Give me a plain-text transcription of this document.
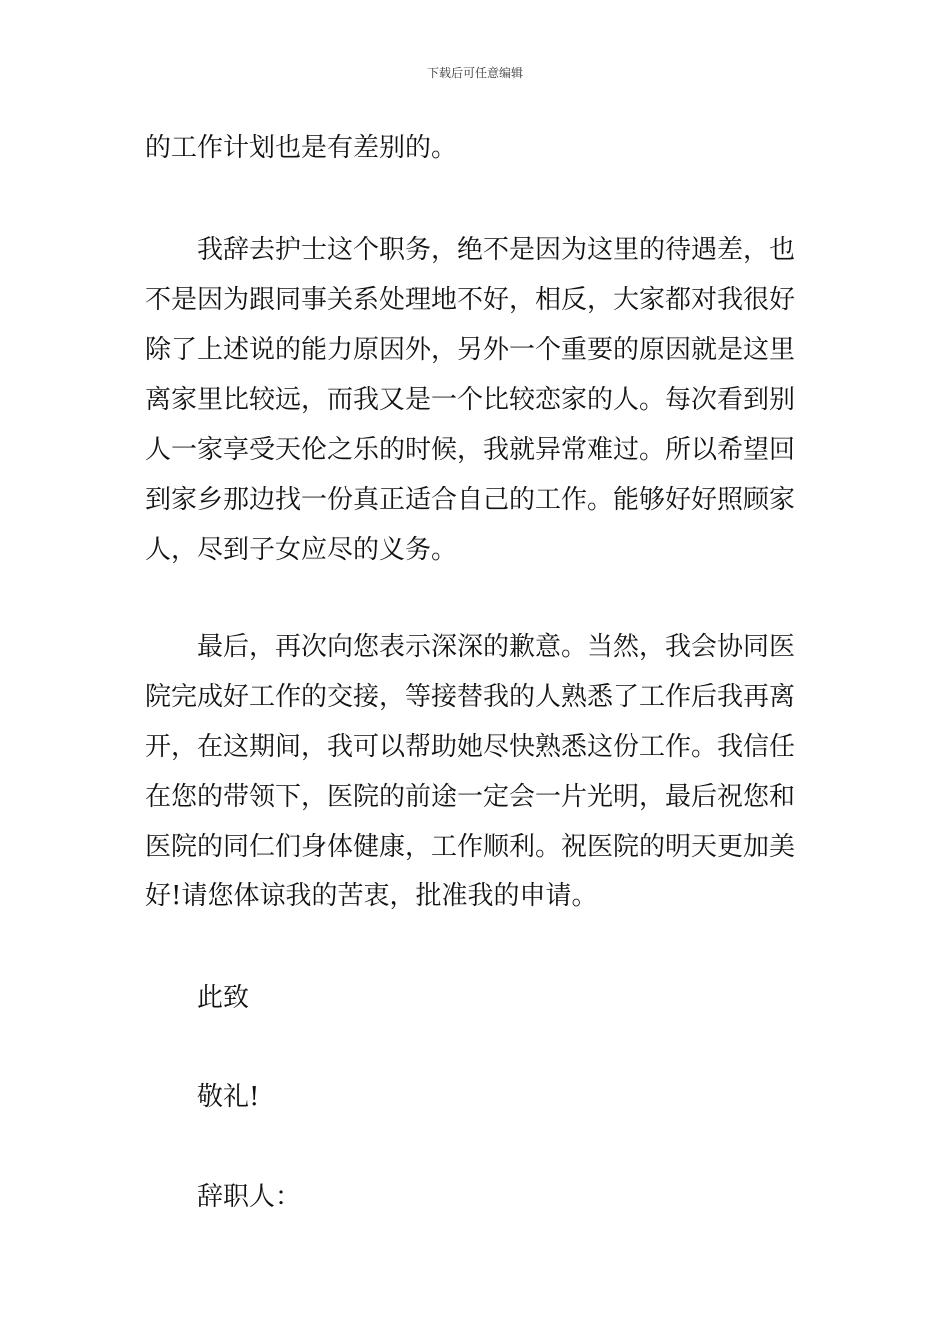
下载后可任意编辑
的工作计划也是有差别的。
我辞去护士这个职务，绝不是因为这里的待遇差，也
不是因为跟同事关系处理地不好，相反，大家都对我很好
除了上述说的能力原因外，另外一个重要的原因就是这里
离家里比较远，而我又是一个比较恋家的人。每次看到别
人一家享受天伦之乐的时候，我就异常难过。所以希望回
到家乡那边找一份真正适合自己的工作。能够好好照顾家
人，尽到子女应尽的义务。
最后，再次向您表示深深的歉意。当然，我会协同医
院完成好工作的交接，等接替我的人熟悉了工作后我再离
开，在这期间，我可以帮助她尽快熟悉这份工作。我信任
在您的带领下，医院的前途一定会一片光明，最后祝您和
医院的同仁们身体健康，工作顺利。祝医院的明天更加美
好!请您体谅我的苦衷，批准我的申请。
此致
敬礼!
辞职人：
